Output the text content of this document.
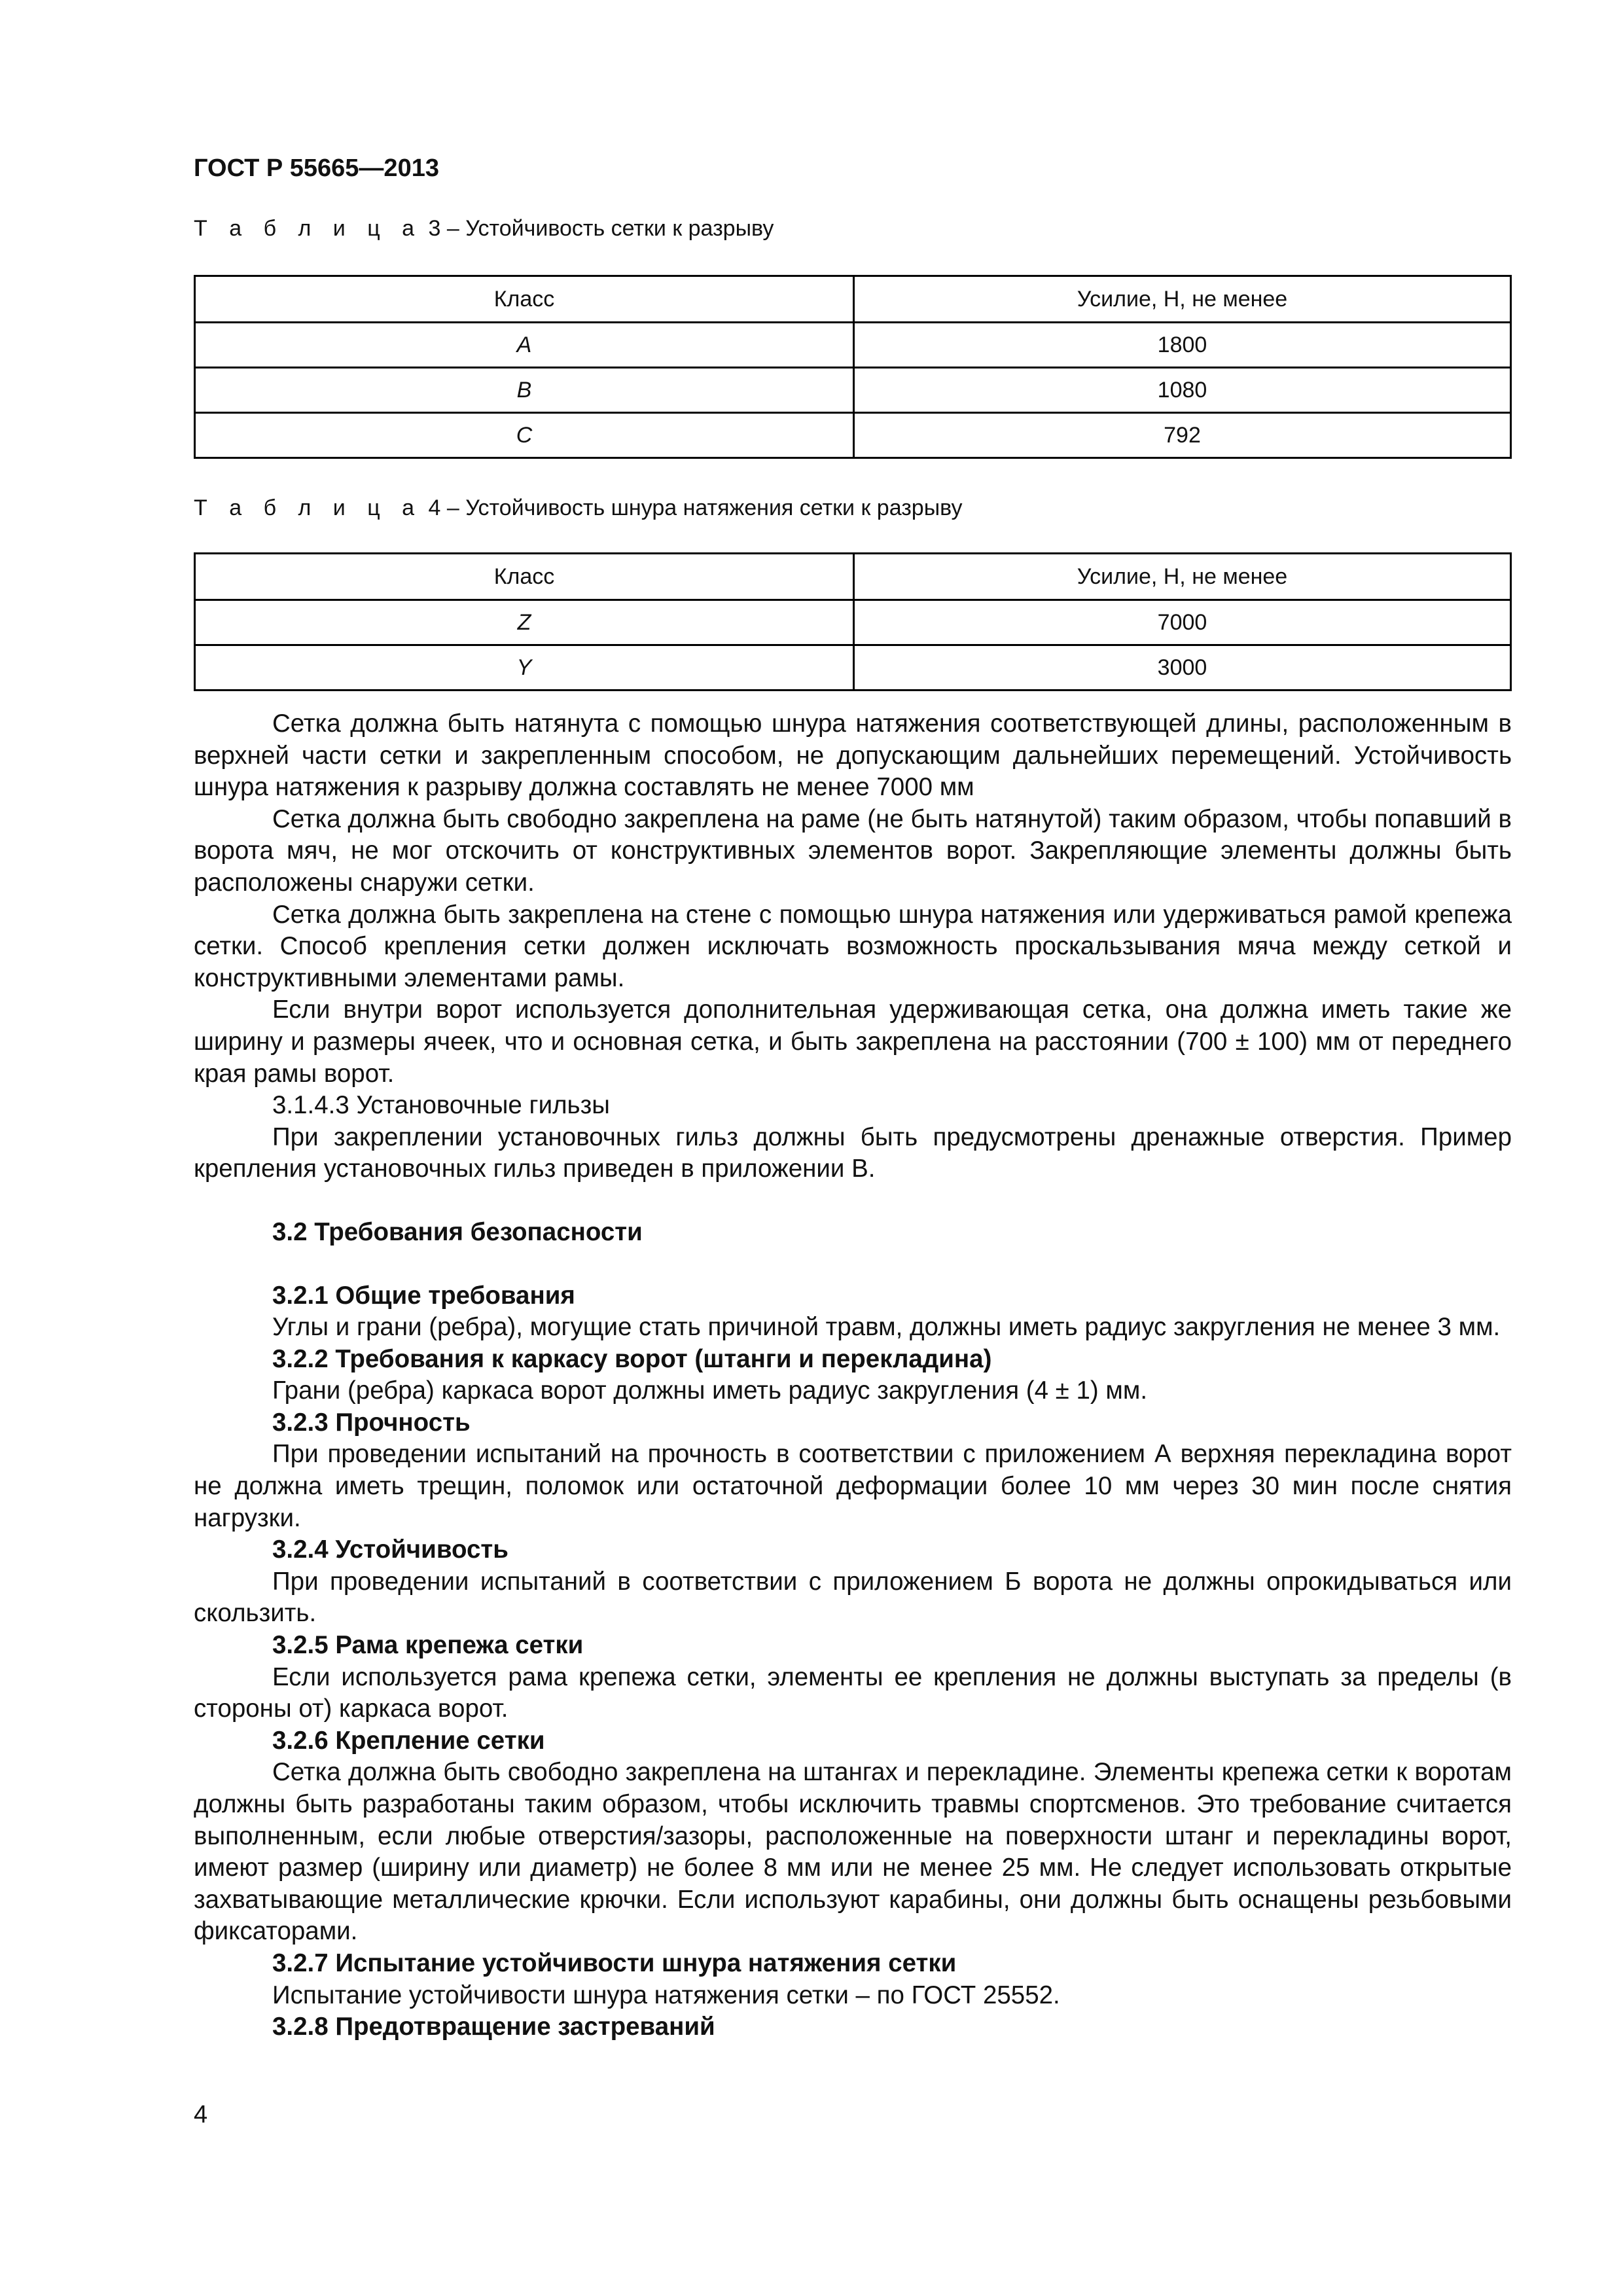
ГОСТ Р 55665—2013

Т а б л и ц а 3 – Устойчивость сетки к разрыву

Класс	Усилие, Н, не менее
A	1800
B	1080
C	792

Т а б л и ц а 4 – Устойчивость шнура натяжения сетки к разрыву

Класс	Усилие, Н, не менее
Z	7000
Y	3000

Сетка должна быть натянута с помощью шнура натяжения соответствующей длины, расположенным в верхней части сетки и закрепленным способом, не допускающим дальнейших перемещений. Устойчивость шнура натяжения к разрыву должна составлять не менее 7000 мм

Сетка должна быть свободно закреплена на раме (не быть натянутой) таким образом, чтобы попавший в ворота мяч, не мог отскочить от конструктивных элементов ворот. Закрепляющие элементы должны быть расположены снаружи сетки.

Сетка должна быть закреплена на стене с помощью шнура натяжения или удерживаться рамой крепежа сетки. Способ крепления сетки должен исключать возможность проскальзывания мяча между сеткой и конструктивными элементами рамы.

Если внутри ворот используется дополнительная удерживающая сетка, она должна иметь такие же ширину и размеры ячеек, что и основная сетка, и быть закреплена на расстоянии (700 ± 100) мм от переднего края рамы ворот.

3.1.4.3 Установочные гильзы

При закреплении установочных гильз должны быть предусмотрены дренажные отверстия. Пример крепления установочных гильз приведен в приложении В.

3.2 Требования безопасности

3.2.1 Общие требования

Углы и грани (ребра), могущие стать причиной травм, должны иметь радиус закругления не менее 3 мм.

3.2.2 Требования к каркасу ворот (штанги и перекладина)

Грани (ребра) каркаса ворот должны иметь радиус закругления (4 ± 1) мм.

3.2.3 Прочность

При проведении испытаний на прочность в соответствии с приложением А верхняя перекладина ворот не должна иметь трещин, поломок или остаточной деформации более 10 мм через 30 мин после снятия нагрузки.

3.2.4 Устойчивость

При проведении испытаний в соответствии с приложением Б ворота не должны опрокидываться или скользить.

3.2.5 Рама крепежа сетки

Если используется рама крепежа сетки, элементы ее крепления не должны выступать за пределы (в стороны от) каркаса ворот.

3.2.6 Крепление сетки

Сетка должна быть свободно закреплена на штангах и перекладине. Элементы крепежа сетки к воротам должны быть разработаны таким образом, чтобы исключить травмы спортсменов. Это требование считается выполненным, если любые отверстия/зазоры, расположенные на поверхности штанг и перекладины ворот, имеют размер (ширину или диаметр) не более 8 мм или не менее 25 мм. Не следует использовать открытые захватывающие металлические крючки. Если используют карабины, они должны быть оснащены резьбовыми фиксаторами.

3.2.7 Испытание устойчивости шнура натяжения сетки

Испытание устойчивости шнура натяжения сетки – по ГОСТ 25552.

3.2.8 Предотвращение застреваний

4
